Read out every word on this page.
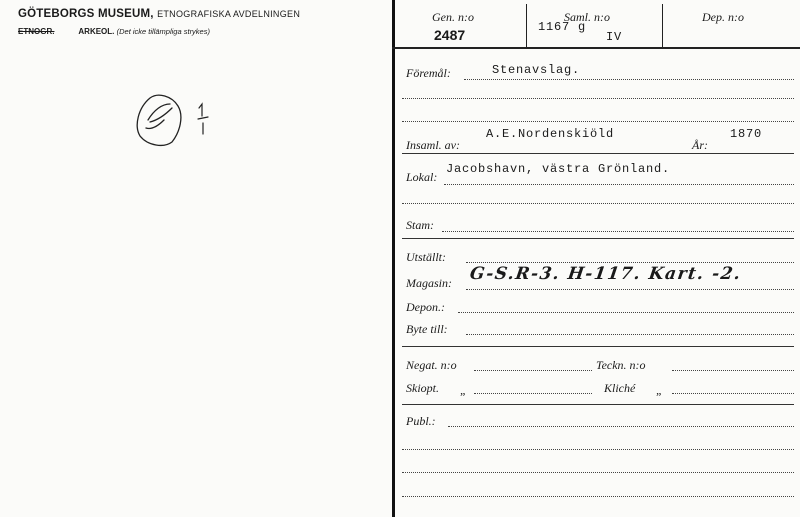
GÖTEBORGS MUSEUM, ETNOGRAFISKA AVDELNINGEN
ETNOGR.	ARKEOL. (Det icke tillämpliga strykes)
Gen. n:o
2487
Saml. n:o
1167 g
IV
Dep. n:o
Föremål:	Stenavslag.
Insaml. av:
A.E.Nordenskiöld
År:
1870
Lokal:
Jacobshavn, västra Grönland.
Stam:
Utställt:
Magasin: G-S.R-3. H-117. Kart. -2.
Depon.:
Byte till:
Negat. n:o	Teckn. n:o
Skiopt. „	Kliché „
Publ.:
